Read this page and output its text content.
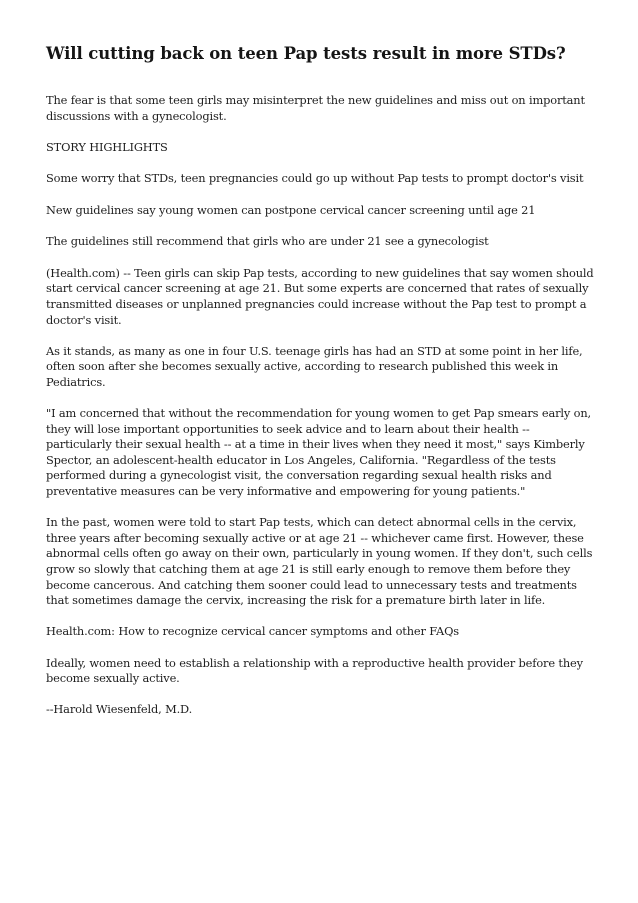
Will cutting back on teen Pap tests result in more STDs?

The fear is that some teen girls may misinterpret the new guidelines and miss out on important discussions with a gynecologist.

STORY HIGHLIGHTS

Some worry that STDs, teen pregnancies could go up without Pap tests to prompt doctor's visit

New guidelines say young women can postpone cervical cancer screening until age 21

The guidelines still recommend that girls who are under 21 see a gynecologist

(Health.com) -- Teen girls can skip Pap tests, according to new guidelines that say women should start cervical cancer screening at age 21. But some experts are concerned that rates of sexually transmitted diseases or unplanned pregnancies could increase without the Pap test to prompt a doctor's visit.

As it stands, as many as one in four U.S. teenage girls has had an STD at some point in her life, often soon after she becomes sexually active, according to research published this week in Pediatrics.

"I am concerned that without the recommendation for young women to get Pap smears early on, they will lose important opportunities to seek advice and to learn about their health -- particularly their sexual health -- at a time in their lives when they need it most," says Kimberly Spector, an adolescent-health educator in Los Angeles, California. "Regardless of the tests performed during a gynecologist visit, the conversation regarding sexual health risks and preventative measures can be very informative and empowering for young patients."

In the past, women were told to start Pap tests, which can detect abnormal cells in the cervix, three years after becoming sexually active or at age 21 -- whichever came first. However, these abnormal cells often go away on their own, particularly in young women. If they don't, such cells grow so slowly that catching them at age 21 is still early enough to remove them before they become cancerous. And catching them sooner could lead to unnecessary tests and treatments that sometimes damage the cervix, increasing the risk for a premature birth later in life.

Health.com: How to recognize cervical cancer symptoms and other FAQs

Ideally, women need to establish a relationship with a reproductive health provider before they become sexually active.

--Harold Wiesenfeld, M.D.
